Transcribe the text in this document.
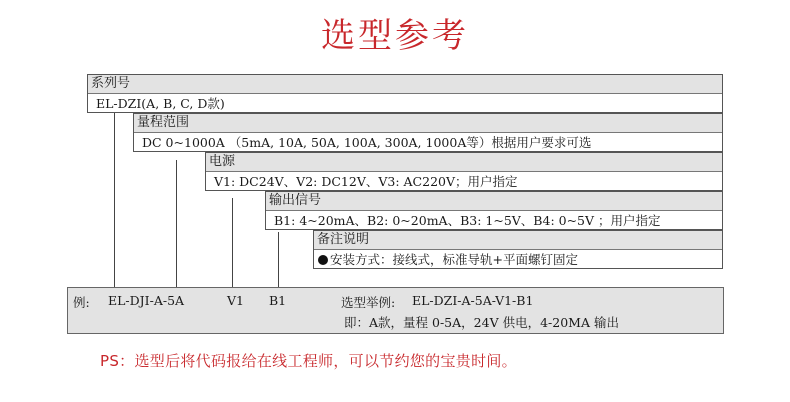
选型参考
系列号
EL-DZI(A, B, C, D款)
量程范围
DC 0~1000A （5mA, 10A, 50A, 100A, 300A, 1000A等）根据用户要求可选
电源
V1: DC24V、V2: DC12V、V3: AC220V；用户指定
输出信号
B1: 4~20mA、B2: 0~20mA、B3: 1~5V、B4: 0~5V ；用户指定
备注说明
安装方式：接线式，标准导轨+平面螺钉固定
例: EL-DJI-A-5A	V1 B1	选型举例: EL-DZI-A-5A-V1-B1
即：A款，量程 0-5A，24V 供电，4-20MA 输出
PS：选型后将代码报给在线工程师，可以节约您的宝贵时间。
